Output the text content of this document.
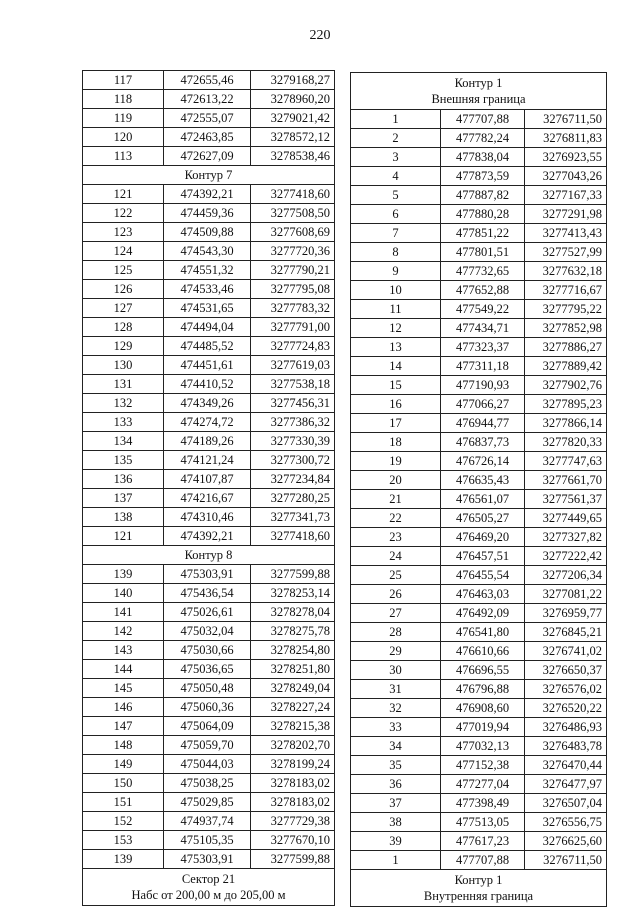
220
117	472655,46	3279168,27
118	472613,22	3278960,20
119	472555,07	3279021,42
120	472463,85	3278572,12
113	472627,09	3278538,46
Контур 7		
121	474392,21	3277418,60
122	474459,36	3277508,50
123	474509,88	3277608,69
124	474543,30	3277720,36
125	474551,32	3277790,21
126	474533,46	3277795,08
127	474531,65	3277783,32
128	474494,04	3277791,00
129	474485,52	3277724,83
130	474451,61	3277619,03
131	474410,52	3277538,18
132	474349,26	3277456,31
133	474274,72	3277386,32
134	474189,26	3277330,39
135	474121,24	3277300,72
136	474107,87	3277234,84
137	474216,67	3277280,25
138	474310,46	3277341,73
121	474392,21	3277418,60
Контур 8		
139	475303,91	3277599,88
140	475436,54	3278253,14
141	475026,61	3278278,04
142	475032,04	3278275,78
143	475030,66	3278254,80
144	475036,65	3278251,80
145	475050,48	3278249,04
146	475060,36	3278227,24
147	475064,09	3278215,38
148	475059,70	3278202,70
149	475044,03	3278199,24
150	475038,25	3278183,02
151	475029,85	3278183,02
152	474937,74	3277729,38
153	475105,35	3277670,10
139	475303,91	3277599,88
Сектор 21
Набс от 200,00 м до 205,00 м		
Контур 1
Внешняя граница		
1	477707,88	3276711,50
2	477782,24	3276811,83
3	477838,04	3276923,55
4	477873,59	3277043,26
5	477887,82	3277167,33
6	477880,28	3277291,98
7	477851,22	3277413,43
8	477801,51	3277527,99
9	477732,65	3277632,18
10	477652,88	3277716,67
11	477549,22	3277795,22
12	477434,71	3277852,98
13	477323,37	3277886,27
14	477311,18	3277889,42
15	477190,93	3277902,76
16	477066,27	3277895,23
17	476944,77	3277866,14
18	476837,73	3277820,33
19	476726,14	3277747,63
20	476635,43	3277661,70
21	476561,07	3277561,37
22	476505,27	3277449,65
23	476469,20	3277327,82
24	476457,51	3277222,42
25	476455,54	3277206,34
26	476463,03	3277081,22
27	476492,09	3276959,77
28	476541,80	3276845,21
29	476610,66	3276741,02
30	476696,55	3276650,37
31	476796,88	3276576,02
32	476908,60	3276520,22
33	477019,94	3276486,93
34	477032,13	3276483,78
35	477152,38	3276470,44
36	477277,04	3276477,97
37	477398,49	3276507,04
38	477513,05	3276556,75
39	477617,23	3276625,60
1	477707,88	3276711,50
Контур 1
Внутренняя граница		
